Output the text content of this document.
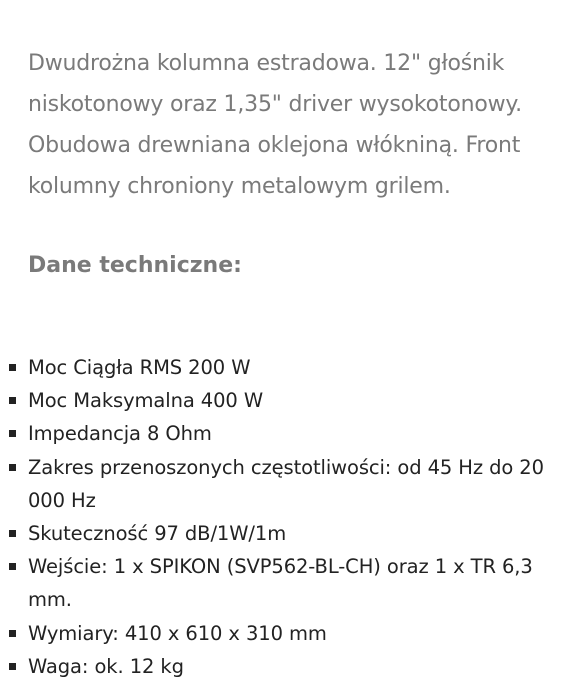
Dwudrożna kolumna estradowa. 12" głośnik niskotonowy oraz 1,35" driver wysokotonowy. Obudowa drewniana oklejona włókniną. Front kolumny chroniony metalowym grilem.

Dane techniczne:
Moc Ciągła RMS 200 W
Moc Maksymalna 400 W
Impedancja 8 Ohm
Zakres przenoszonych częstotliwości: od 45 Hz do 20 000 Hz
Skuteczność 97 dB/1W/1m
Wejście: 1 x SPIKON (SVP562-BL-CH) oraz 1 x TR 6,3 mm.
Wymiary: 410 x 610 x 310 mm
Waga: ok. 12 kg
